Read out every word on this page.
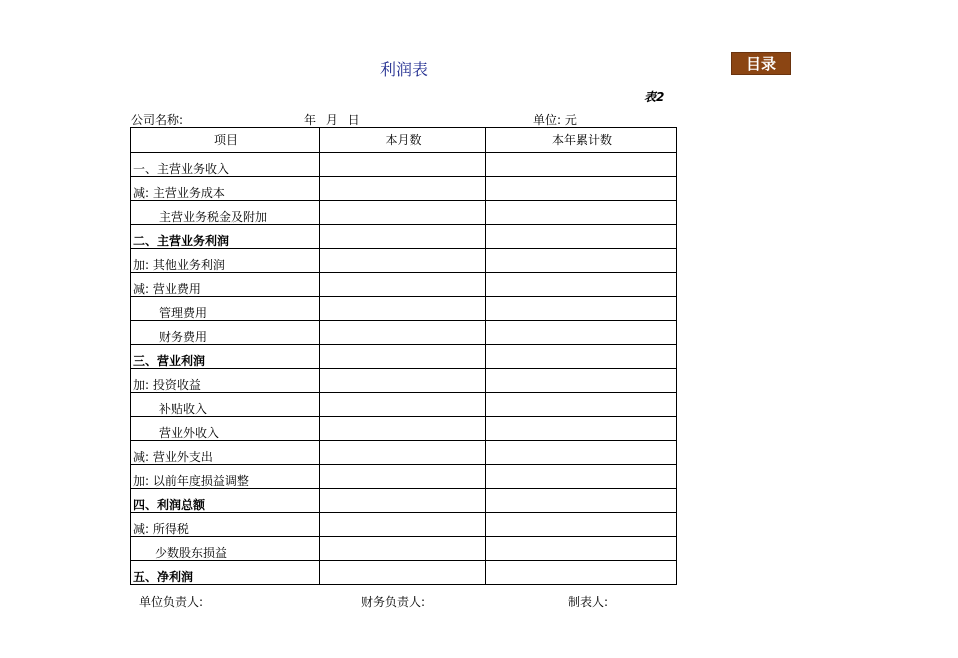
利润表	目录
表2
公司名称:	年 月 日	单位: 元
项目	本月数	本年累计数
一、主营业务收入		
减: 主营业务成本		
主营业务税金及附加		
二、主营业务利润		
加: 其他业务利润		
减: 营业费用		
管理费用		
财务费用		
三、营业利润		
加: 投资收益		
补贴收入		
营业外收入		
减: 营业外支出		
加: 以前年度损益调整		
四、利润总额		
减: 所得税		
少数股东损益		
五、净利润		
单位负责人:	财务负责人:	制表人:
